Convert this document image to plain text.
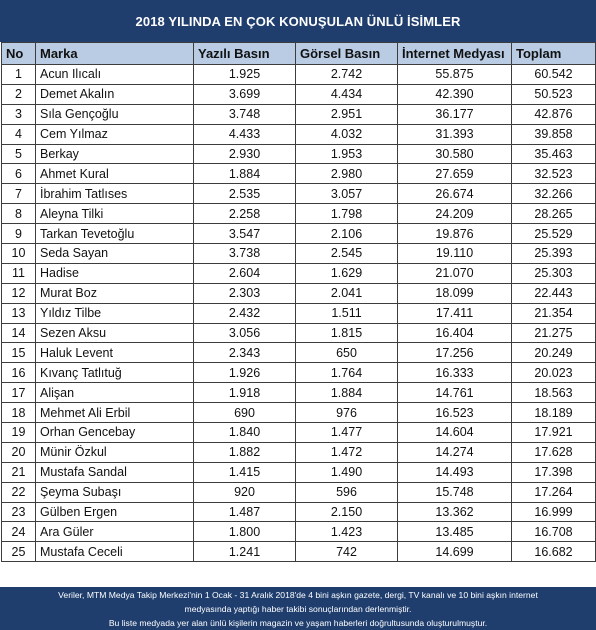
2018 YILINDA EN ÇOK KONUŞULAN ÜNLÜ İSİMLER
No	Marka	Yazılı Basın	Görsel Basın	İnternet Medyası	Toplam
1	Acun Ilıcalı	1.925	2.742	55.875	60.542
2	Demet Akalın	3.699	4.434	42.390	50.523
3	Sıla Gençoğlu	3.748	2.951	36.177	42.876
4	Cem Yılmaz	4.433	4.032	31.393	39.858
5	Berkay	2.930	1.953	30.580	35.463
6	Ahmet Kural	1.884	2.980	27.659	32.523
7	İbrahim Tatlıses	2.535	3.057	26.674	32.266
8	Aleyna Tilki	2.258	1.798	24.209	28.265
9	Tarkan Tevetoğlu	3.547	2.106	19.876	25.529
10	Seda Sayan	3.738	2.545	19.110	25.393
11	Hadise	2.604	1.629	21.070	25.303
12	Murat Boz	2.303	2.041	18.099	22.443
13	Yıldız Tilbe	2.432	1.511	17.411	21.354
14	Sezen Aksu	3.056	1.815	16.404	21.275
15	Haluk Levent	2.343	650	17.256	20.249
16	Kıvanç Tatlıtuğ	1.926	1.764	16.333	20.023
17	Alişan	1.918	1.884	14.761	18.563
18	Mehmet Ali Erbil	690	976	16.523	18.189
19	Orhan Gencebay	1.840	1.477	14.604	17.921
20	Münir Özkul	1.882	1.472	14.274	17.628
21	Mustafa Sandal	1.415	1.490	14.493	17.398
22	Şeyma Subaşı	920	596	15.748	17.264
23	Gülben Ergen	1.487	2.150	13.362	16.999
24	Ara Güler	1.800	1.423	13.485	16.708
25	Mustafa Ceceli	1.241	742	14.699	16.682
Veriler, MTM Medya Takip Merkezi'nin 1 Ocak - 31 Aralık 2018'de 4 bini aşkın gazete, dergi, TV kanalı ve 10 bini aşkın internet
medyasında yaptığı haber takibi sonuçlarından derlenmiştir.
Bu liste medyada yer alan ünlü kişilerin magazin ve yaşam haberleri doğrultusunda oluşturulmuştur.
